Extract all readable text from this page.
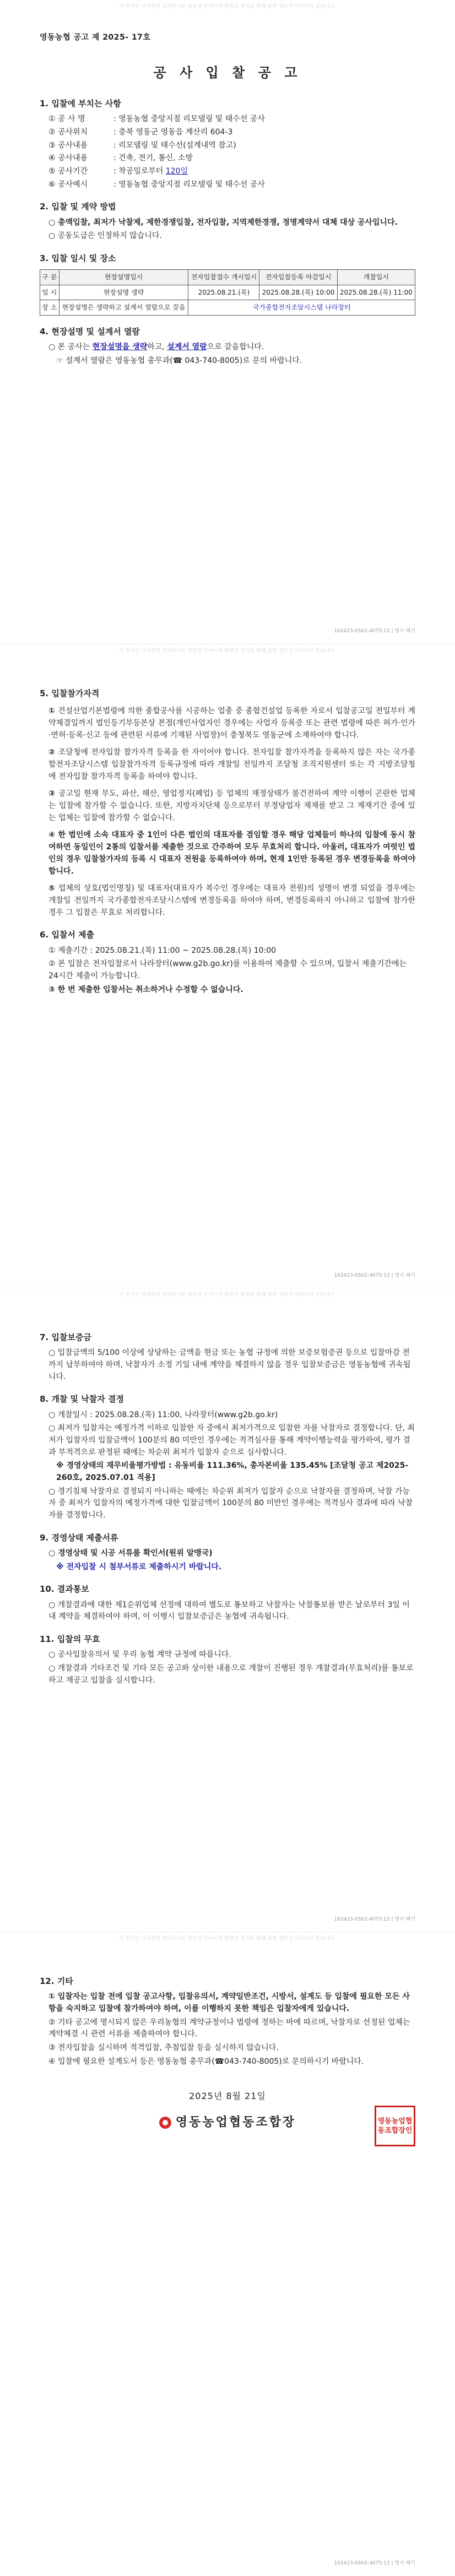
이 문서는 나라장터 전자문서로 발급된 문서이며 위변조 방지를 위해 출력 정보가 기록되어 있습니다.
영동농협 공고 제 2025- 17호
공 사 입 찰 공 고
1. 입찰에 부치는 사항
① 공 사 명	: 영동농협 중앙지점 리모델링 및 태수선 공사
② 공사위치	: 충북 영동군 영동읍 계산리 604-3
③ 공사내용	: 리모델링 및 태수선(설계내역 참고)
④ 공사내용	: 건축, 전기, 통신, 소방
⑤ 공사기간	: 착공일로부터 120일
⑥ 공사예시	: 영동농협 중앙지점 리모델링 및 태수선 공사
2. 입찰 및 계약 방법
○ 총액입찰, 최저가 낙찰제, 제한경쟁입찰, 전자입찰, 지역제한경쟁, 정명계약서 대체 대상 공사입니다.
○ 공동도급은 인정하지 않습니다.
3. 입찰 일시 및 장소
구 분	현장설명일시	전자입찰접수 개시일시	전자입찰등록 마감일시	개찰일시
일 시	현장설명 생략	2025.08.21.(목)	2025.08.28.(목) 10:00	2025.08.28.(목) 11:00
장 소	현장설명은 생략하고 설계서 열람으로 갈음	국가종합전자조달시스템 나라장터		
4. 현장설명 및 설계서 열람
○ 본 공사는 현장설명을 생략하고, 설계서 열람으로 갈음합니다.
☞ 설계서 열람은 영동농협 총무과(☎ 043-740-8005)로 문의 바랍니다.
162423-0502-4075:12 | 영시 폐기
이 문서는 나라장터 전자문서로 발급된 문서이며 위변조 방지를 위해 출력 정보가 기록되어 있습니다.
5. 입찰참가자격
① 건설산업기본법령에 의한 종합공사를 시공하는 업종 중 종합건설업 등록한 자로서 입찰공고일 전일부터 계약체결일까지 법인등기부등본상 본점(개인사업자인 경우에는 사업자 등록증 또는 관련 법령에 따른 허가·인가·면허·등록·신고 등에 관련된 서류에 기재된 사업장)이 충청북도 영동군에 소재하여야 합니다.
② 조달청에 전자입찰 참가자격 등록을 한 자이어야 합니다. 전자입찰 참가자격을 등록하지 않은 자는 국가종합전자조달시스템 입찰참가자격 등록규정에 따라 개찰일 전일까지 조달청 조직지원센터 또는 각 지방조달청에 전자입찰 참가자격 등록을 하여야 합니다.
③ 공고일 현재 부도, 파산, 해산, 영업정지(폐업) 등 업체의 재정상태가 불건전하여 계약 이행이 곤란한 업체는 입찰에 참가할 수 없습니다. 또한, 지방자치단체 등으로부터 부정당업자 제재를 받고 그 제재기간 중에 있는 업체는 입찰에 참가할 수 없습니다.
④ 한 법인에 소속 대표자 중 1인이 다른 법인의 대표자를 겸임할 경우 해당 업체들이 하나의 입찰에 동시 참여하면 동일인이 2통의 입찰서를 제출한 것으로 간주하여 모두 무효처리 합니다. 아울러, 대표자가 여럿인 법인의 경우 입찰참가자의 등록 시 대표자 전원을 등록하여야 하며, 현재 1인만 등록된 경우 변경등록을 하여야 합니다.
⑤ 업체의 상호(법인명칭) 및 대표자(대표자가 복수인 경우에는 대표자 전원)의 성명이 변경 되었을 경우에는 개찰일 전일까지 국가종합전자조달시스템에 변경등록을 하여야 하며, 변경등록하지 아니하고 입찰에 참가한 경우 그 입찰은 무효로 처리합니다.
6. 입찰서 제출
① 제출기간 : 2025.08.21.(목) 11:00 ~ 2025.08.28.(목) 10:00
② 본 입찰은 전자입찰로서 나라장터(www.g2b.go.kr)를 이용하여 제출할 수 있으며, 입찰서 제출기간에는 24시간 제출이 가능합니다.
③ 한 번 제출한 입찰서는 취소하거나 수정할 수 없습니다.
162423-0502-4075:12 | 영시 폐기
이 문서는 나라장터 전자문서로 발급된 문서이며 위변조 방지를 위해 출력 정보가 기록되어 있습니다.
7. 입찰보증금
○ 입찰금액의 5/100 이상에 상당하는 금액을 현금 또는 농협 규정에 의한 보증보험증권 등으로 입찰마감 전까지 납부하여야 하며, 낙찰자가 소정 기일 내에 계약을 체결하지 않을 경우 입찰보증금은 영동농협에 귀속됩니다.
8. 개찰 및 낙찰자 결정
○ 개찰일시 : 2025.08.28.(목) 11:00, 나라장터(www.g2b.go.kr)
○ 최저가 입찰자는 예정가격 이하로 입찰한 자 중에서 최저가격으로 입찰한 자를 낙찰자로 결정합니다. 단, 최저가 입찰자의 입찰금액이 100분의 80 미만인 경우에는 적격심사를 통해 계약이행능력을 평가하여, 평가 결과 부적격으로 판정된 때에는 차순위 최저가 입찰자 순으로 심사합니다.
※ 경영상태의 재무비율평가방법 : 유동비율 111.36%, 총자본비율 135.45% [조달청 공고 제2025-260호, 2025.07.01 적용]
○ 경기침체 낙찰자로 결정되지 아니하는 때에는 차순위 최저가 입찰자 순으로 낙찰자를 결정하며, 낙찰 가능자 중 최저가 입찰자의 예정가격에 대한 입찰금액이 100분의 80 미만인 경우에는 적격심사 결과에 따라 낙찰자를 결정합니다.
9. 경영상태 제출서류
○ 경영상태 및 시공 서류를 확인서(원위 알맹국)
※ 전자입찰 시 첨부서류로 제출하시기 바랍니다.
10. 결과통보
○ 개찰결과에 대한 제1순위업체 선정에 대하여 별도로 통보하고 낙찰자는 낙찰통보를 받은 날로부터 3일 이내 계약을 체결하여야 하며, 이 이행시 입찰보증금은 농협에 귀속됩니다.
11. 입찰의 무효
○ 공사입찰유의서 및 우리 농협 계약 규정에 따릅니다.
○ 개찰결과 기타조건 및 기타 모든 공고와 상이한 내용으로 개찰이 진행된 경우 개찰결과(무효처리)를 통보로 하고 재공고 입찰을 실시합니다.
162423-0502-4075:12 | 영시 폐기
이 문서는 나라장터 전자문서로 발급된 문서이며 위변조 방지를 위해 출력 정보가 기록되어 있습니다.
12. 기타
① 입찰자는 입찰 전에 입찰 공고사항, 입찰유의서, 계약일반조건, 시방서, 설계도 등 입찰에 필요한 모든 사항을 숙지하고 입찰에 참가하여야 하며, 이를 이행하지 못한 책임은 입찰자에게 있습니다.
② 기타 공고에 명시되지 않은 우리농협의 계약규정이나 법령에 정하는 바에 따르며, 낙찰자로 선정된 업체는 계약체결 시 관련 서류를 제출하여야 합니다.
③ 전자입찰을 실시하며 적격입찰, 추첨입찰 등을 실시하지 않습니다.
④ 입찰에 필요한 설계도서 등은 영동농협 총무과(☎043-740-8005)로 문의하시기 바랍니다.
2025년 8월 21일
영동농업협동조합장	영동농업협동조합장인
162423-0502-4075:12 | 영시 폐기
